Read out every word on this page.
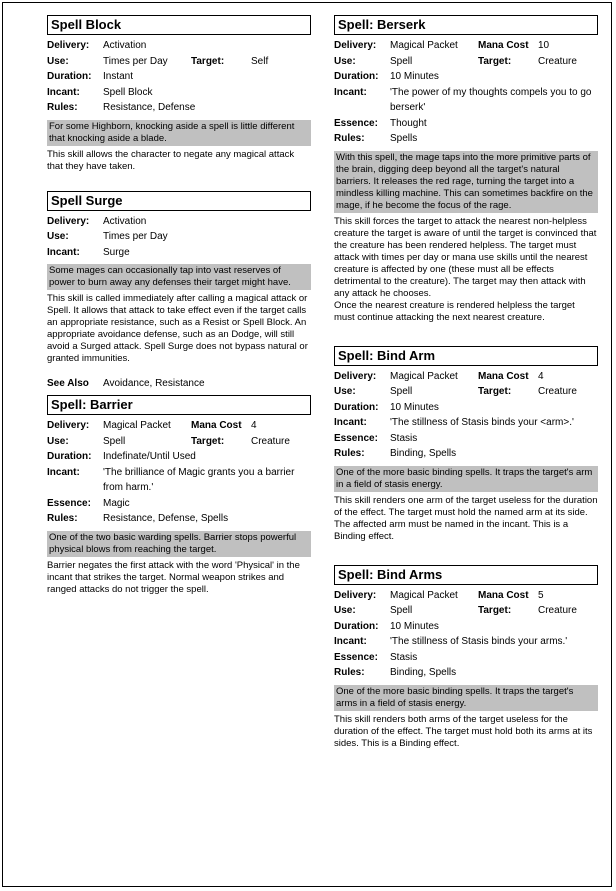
Spell Block
Delivery:	Activation
Use:	Times per Day	Target:	Self
Duration:	Instant
Incant:	Spell Block
Rules:	Resistance, Defense
For some Highborn, knocking aside a spell is little different that knocking aside a blade.

This skill allows the character to negate any magical attack that they have taken.

Spell Surge
Delivery:	Activation
Use:	Times per Day
Incant:	Surge
Some mages can occasionally tap into vast reserves of power to burn away any defenses their target might have.

This skill is called immediately after calling a magical attack or Spell. It allows that attack to take effect even if the target calls an appropriate resistance, such as a Resist or Spell Block. An appropriate avoidance defense, such as an Dodge, will still avoid a Surged attack. Spell Surge does not bypass natural or granted immunities.

See Also	Avoidance, Resistance
Spell: Barrier
Delivery:	Magical Packet	Mana Cost 4
Use:	Spell	Target:	Creature
Duration:	Indefinate/Until Used
Incant:	'The brilliance of Magic grants you a barrier from harm.'
Essence:	Magic
Rules:	Resistance, Defense, Spells
One of the two basic warding spells. Barrier stops powerful physical blows from reaching the target.

Barrier negates the first attack with the word 'Physical' in the incant that strikes the target. Normal weapon strikes and ranged attacks do not trigger the spell.

Spell: Berserk
Delivery:	Magical Packet	Mana Cost 10
Use:	Spell	Target:	Creature
Duration:	10 Minutes
Incant:	'The power of my thoughts compels you to go berserk'
Essence:	Thought
Rules:	Spells
With this spell, the mage taps into the more primitive parts of the brain, digging deep beyond all the target's natural barriers. It releases the red rage, turning the target into a mindless killing machine. This can sometimes backfire on the mage, if he become the focus of the rage.

This skill forces the target to attack the nearest non-helpless creature the target is aware of until the target is convinced that the creature has been rendered helpless. The target must attack with times per day or mana use skills until the nearest creature is affected by one (these must all be effects detrimental to the creature). The target may then attack with any attack he chooses.

Once the nearest creature is rendered helpless the target must continue attacking the next nearest creature.

Spell: Bind Arm
Delivery:	Magical Packet	Mana Cost 4
Use:	Spell	Target:	Creature
Duration:	10 Minutes
Incant:	'The stillness of Stasis binds your <arm>.'
Essence:	Stasis
Rules:	Binding, Spells
One of the more basic binding spells. It traps the target's arm in a field of stasis energy.

This skill renders one arm of the target useless for the duration of the effect. The target must hold the named arm at its side. The affected arm must be named in the incant. This is a Binding effect.

Spell: Bind Arms
Delivery:	Magical Packet	Mana Cost 5
Use:	Spell	Target:	Creature
Duration:	10 Minutes
Incant:	'The stillness of Stasis binds your arms.'
Essence:	Stasis
Rules:	Binding, Spells
One of the more basic binding spells. It traps the target's arms in a field of stasis energy.

This skill renders both arms of the target useless for the duration of the effect. The target must hold both its arms at its sides. This is a Binding effect.
